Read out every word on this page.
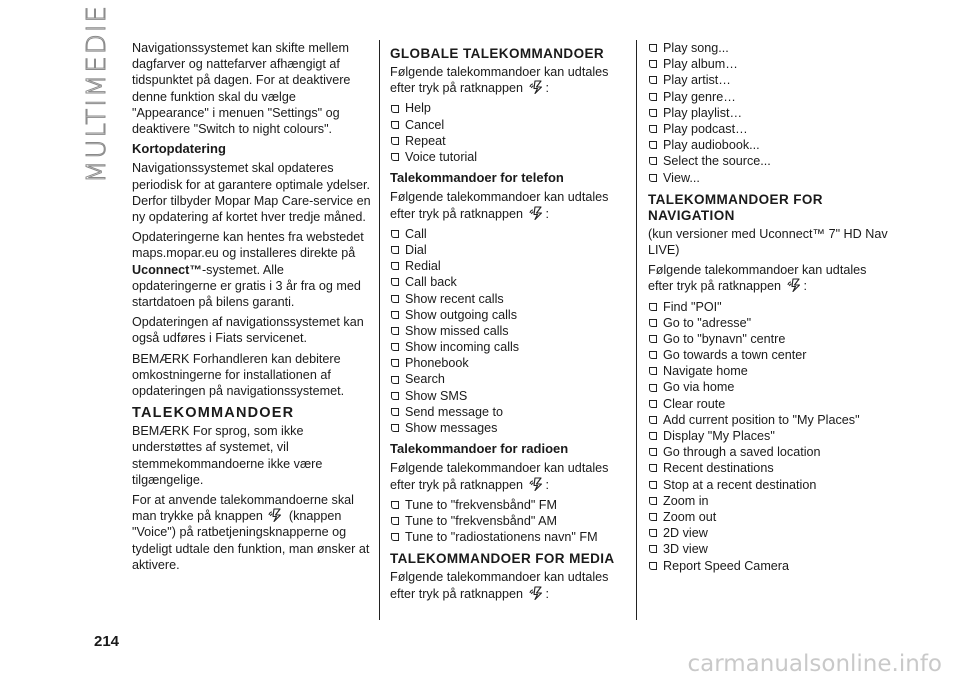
MULTIMEDIE Navigationssystemet kan skifte mellem dagfarver og nattefarver afhængigt af tidspunktet på dagen. For at deaktivere denne funktion skal du vælge "Appearance" i menuen "Settings" og deaktivere "Switch to night colours".

Kortopdatering

Navigationssystemet skal opdateres periodisk for at garantere optimale ydelser. Derfor tilbyder Mopar Map Care-service en ny opdatering af kortet hver tredje måned.

Opdateringerne kan hentes fra webstedet maps.mopar.eu og installeres direkte på Uconnect™-systemet. Alle opdateringerne er gratis i 3 år fra og med startdatoen på bilens garanti.

Opdateringen af navigationssystemet kan også udføres i Fiats servicenet.

BEMÆRK Forhandleren kan debitere omkostningerne for installationen af opdateringen på navigationssystemet.

TALEKOMMANDOER

BEMÆRK For sprog, som ikke understøttes af systemet, vil stemmekommandoerne ikke være tilgængelige.

For at anvende talekommandoerne skal man trykke på knappen  (knappen "Voice") på ratbetjeningsknapperne og tydeligt udtale den funktion, man ønsker at aktivere.

GLOBALE TALEKOMMANDOER

Følgende talekommandoer kan udtales efter tryk på ratknappen :

Help
Cancel
Repeat
Voice tutorial
Talekommandoer for telefon

Følgende talekommandoer kan udtales efter tryk på ratknappen :

Call
Dial
Redial
Call back
Show recent calls
Show outgoing calls
Show missed calls
Show incoming calls
Phonebook
Search
Show SMS
Send message to
Show messages
Talekommandoer for radioen

Følgende talekommandoer kan udtales efter tryk på ratknappen :

Tune to "frekvensbånd" FM
Tune to "frekvensbånd" AM
Tune to "radiostationens navn" FM
TALEKOMMANDOER FOR MEDIA

Følgende talekommandoer kan udtales efter tryk på ratknappen :

Play song...
Play album…
Play artist…
Play genre…
Play playlist…
Play podcast…
Play audiobook...
Select the source...
View...
TALEKOMMANDOER FOR NAVIGATION

(kun versioner med Uconnect™ 7" HD Nav LIVE)

Følgende talekommandoer kan udtales efter tryk på ratknappen :

Find "POI"
Go to "adresse"
Go to "bynavn" centre
Go towards a town center
Navigate home
Go via home
Clear route
Add current position to "My Places"
Display "My Places"
Go through a saved location
Recent destinations
Stop at a recent destination
Zoom in
Zoom out
2D view
3D view
Report Speed Camera
214
carmanualsonline.info
